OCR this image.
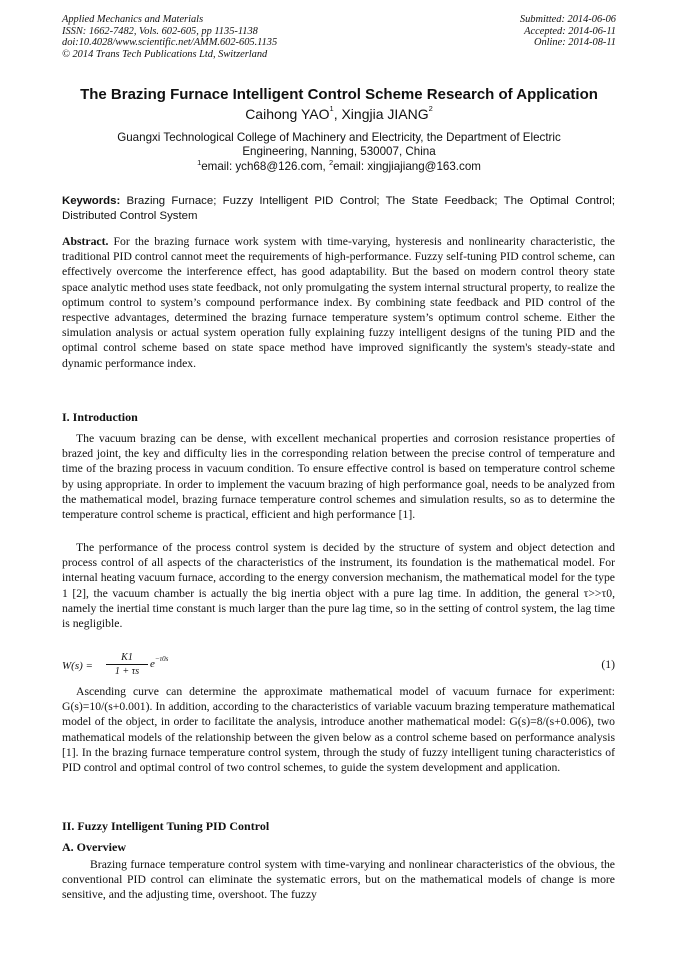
Applied Mechanics and Materials
ISSN: 1662-7482, Vols. 602-605, pp 1135-1138
doi:10.4028/www.scientific.net/AMM.602-605.1135
© 2014 Trans Tech Publications Ltd, Switzerland
Submitted: 2014-06-06
Accepted: 2014-06-11
Online: 2014-08-11
The Brazing Furnace Intelligent Control Scheme Research of Application
Caihong YAO$^1$, Xingjia JIANG$^2$
Guangxi Technological College of Machinery and Electricity, the Department of Electric Engineering, Nanning, 530007, China
$^1$email: ych68@126.com, $^2$email: xingjiajiang@163.com
Keywords: Brazing Furnace; Fuzzy Intelligent PID Control; The State Feedback; The Optimal Control; Distributed Control System
Abstract. For the brazing furnace work system with time-varying, hysteresis and nonlinearity characteristic, the traditional PID control cannot meet the requirements of high-performance. Fuzzy self-tuning PID control scheme, can effectively overcome the interference effect, has good adaptability. But the based on modern control theory state space analytic method uses state feedback, not only promulgating the system internal structural property, to realize the optimum control to system’s compound performance index. By combining state feedback and PID control of the respective advantages, determined the brazing furnace temperature system’s optimum control scheme. Either the simulation analysis or actual system operation fully explaining fuzzy intelligent designs of the tuning PID and the optimal control scheme based on state space method have improved significantly the system's steady-state and dynamic performance index.
I. Introduction
The vacuum brazing can be dense, with excellent mechanical properties and corrosion resistance properties of brazed joint, the key and difficulty lies in the corresponding relation between the precise control of temperature and time of the brazing process in vacuum condition. To ensure effective control is based on temperature control scheme by using appropriate. In order to implement the vacuum brazing of high performance goal, needs to be analyzed from the mathematical model, brazing furnace temperature control schemes and simulation results, so as to determine the temperature control scheme is practical, efficient and high performance [1].
The performance of the process control system is decided by the structure of system and object detection and process control of all aspects of the characteristics of the instrument, its foundation is the mathematical model. For internal heating vacuum furnace, according to the energy conversion mechanism, the mathematical model for the type 1 [2], the vacuum chamber is actually the big inertia object with a pure lag time. In addition, the general τ>>τ0, namely the inertial time constant is much larger than the pure lag time, so in the setting of control system, the lag time is negligible.
W(s) =
K1
1 + τs
$e^{-\tau 0s}$	(1)
Ascending curve can determine the approximate mathematical model of vacuum furnace for experiment: G(s)=10/(s+0.001). In addition, according to the characteristics of variable vacuum brazing temperature mathematical model of the object, in order to facilitate the analysis, introduce another mathematical model: G(s)=8/(s+0.006), two mathematical models of the relationship between the given below as a control scheme based on performance analysis [1]. In the brazing furnace temperature control system, through the study of fuzzy intelligent tuning characteristics of PID control and optimal control of two control schemes, to guide the system development and application.
II. Fuzzy Intelligent Tuning PID Control
A. Overview
Brazing furnace temperature control system with time-varying and nonlinear characteristics of the obvious, the conventional PID control can eliminate the systematic errors, but on the mathematical models of change is more sensitive, and the adjusting time, overshoot. The fuzzy
